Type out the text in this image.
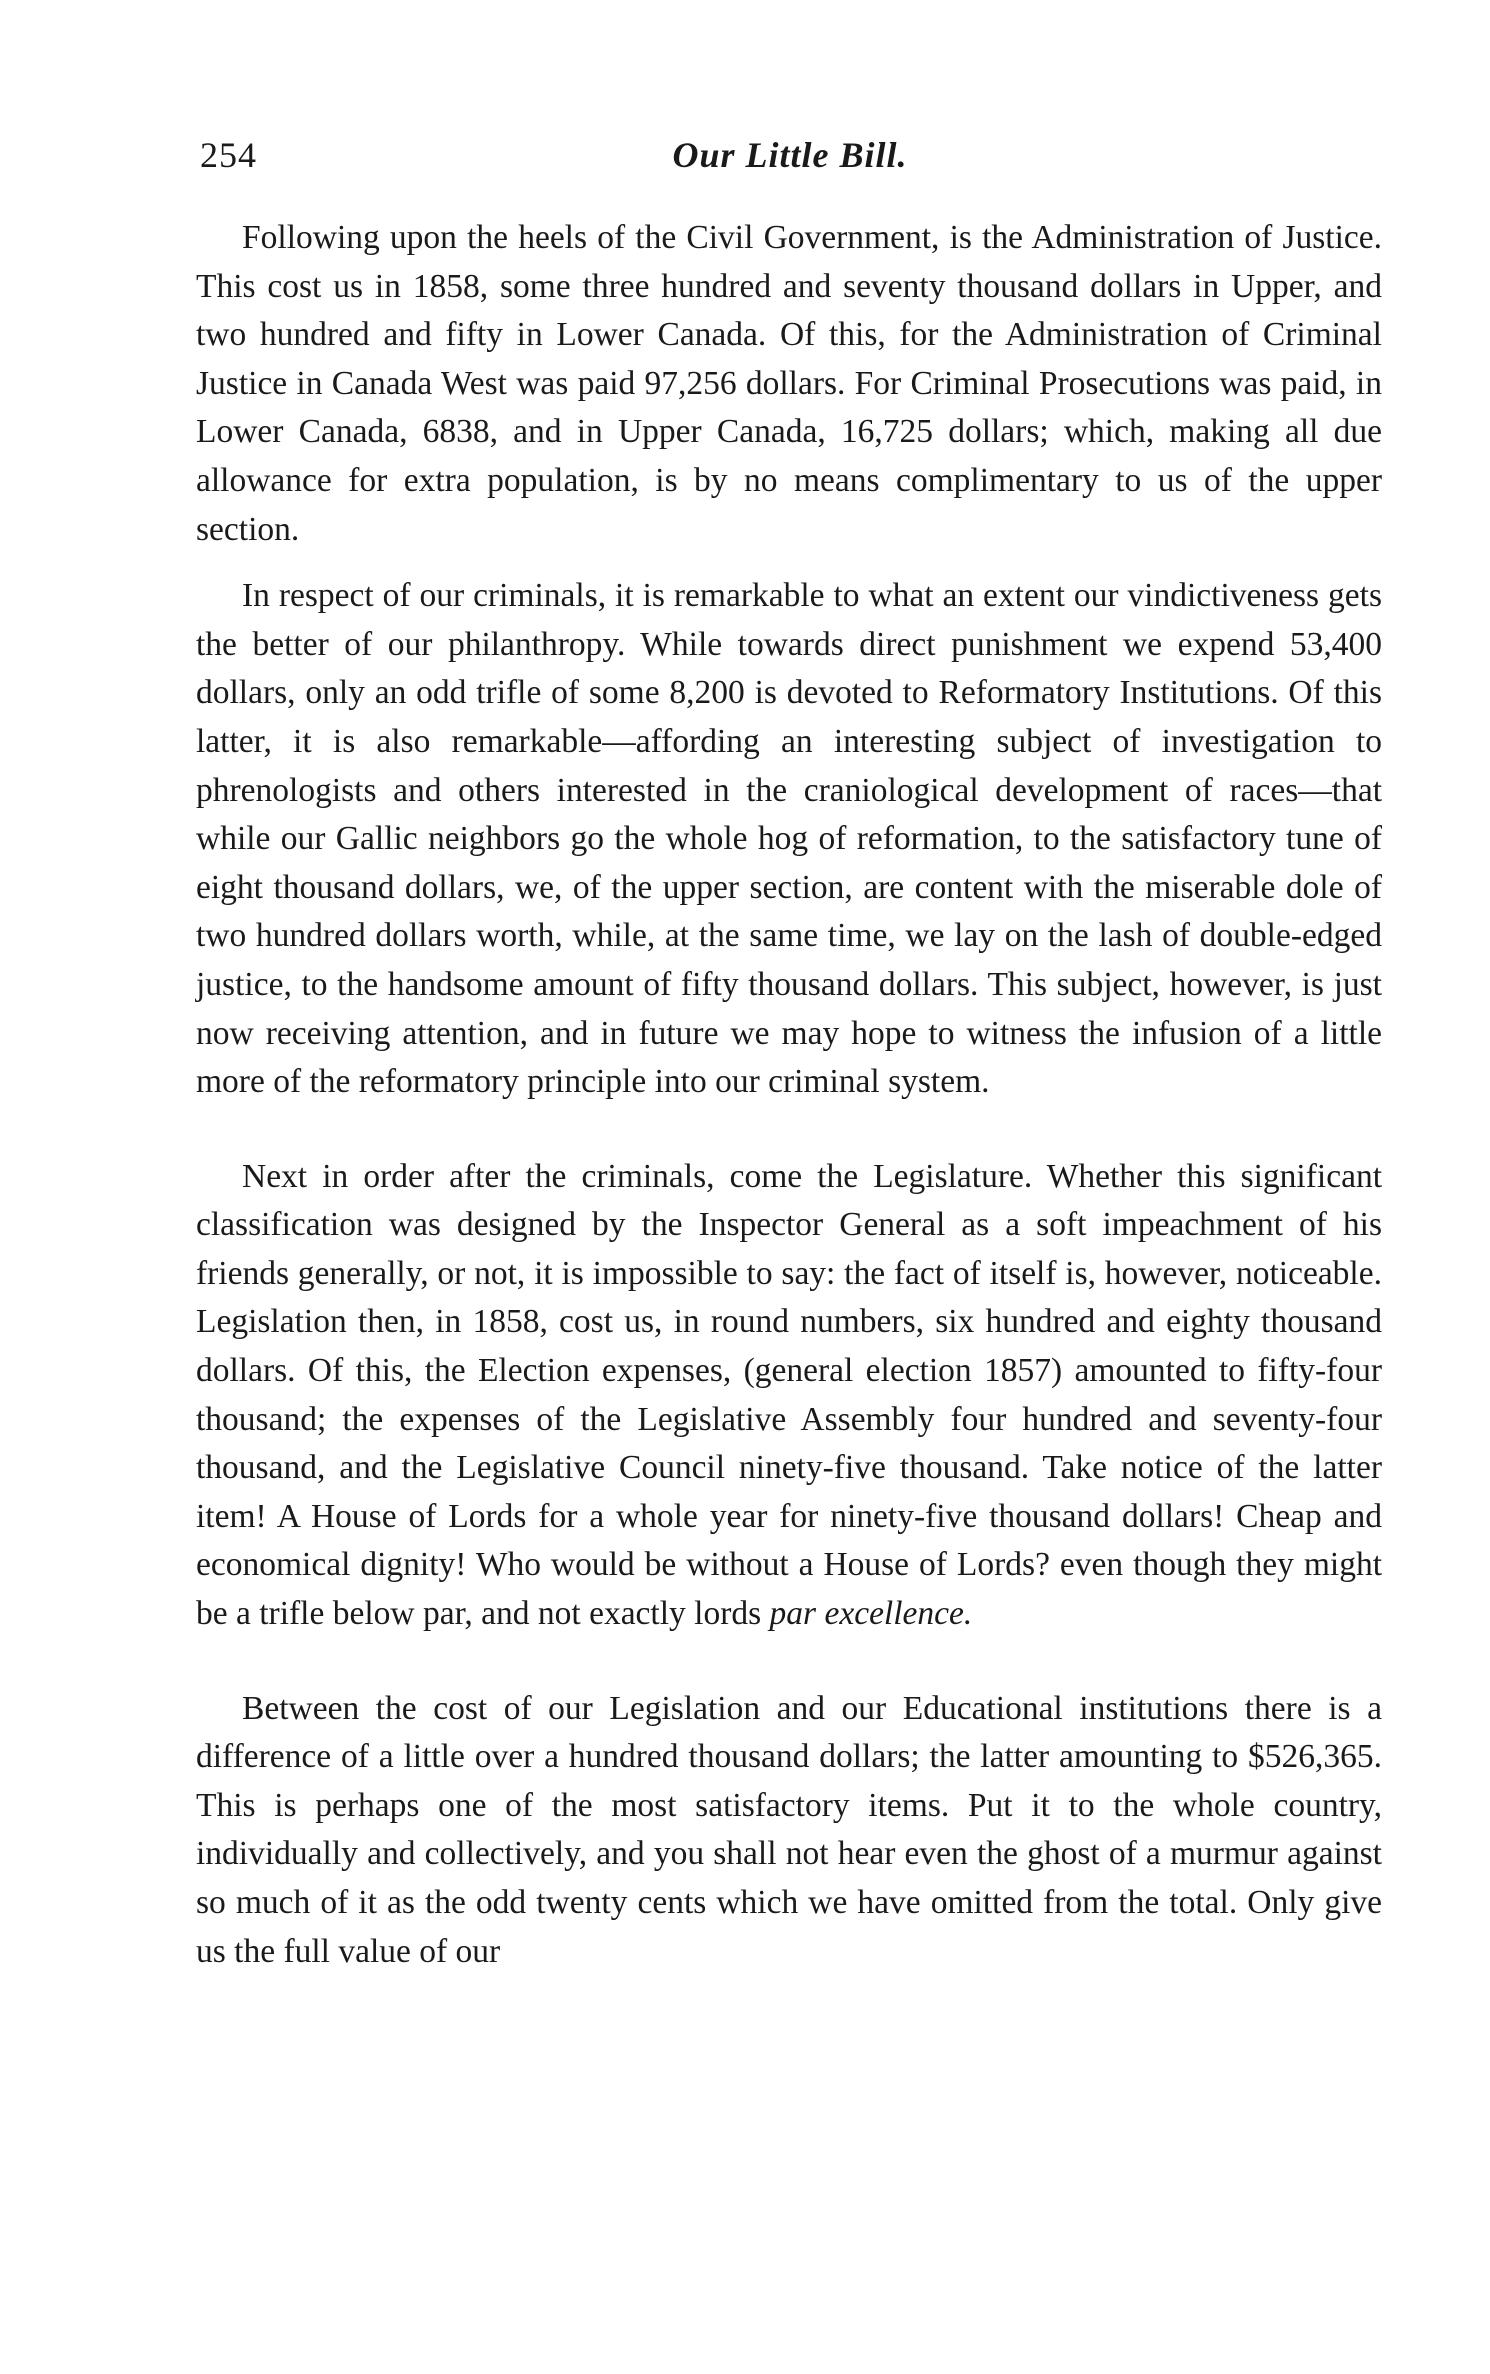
254	Our Little Bill.

Following upon the heels of the Civil Government, is the Administration of Justice. This cost us in 1858, some three hundred and seventy thousand dollars in Upper, and two hundred and fifty in Lower Canada. Of this, for the Administration of Criminal Justice in Canada West was paid 97,256 dollars. For Criminal Prosecutions was paid, in Lower Canada, 6838, and in Upper Canada, 16,725 dollars; which, making all due allowance for extra population, is by no means complimentary to us of the upper section.

In respect of our criminals, it is remarkable to what an extent our vindictiveness gets the better of our philanthropy. While towards direct punishment we expend 53,400 dollars, only an odd trifle of some 8,200 is devoted to Reformatory Institutions. Of this latter, it is also remarkable—affording an interesting subject of investigation to phrenologists and others interested in the craniological development of races—that while our Gallic neighbors go the whole hog of reformation, to the satisfactory tune of eight thousand dollars, we, of the upper section, are content with the miserable dole of two hundred dollars worth, while, at the same time, we lay on the lash of double-edged justice, to the handsome amount of fifty thousand dollars. This subject, however, is just now receiving attention, and in future we may hope to witness the infusion of a little more of the reformatory principle into our criminal system.

Next in order after the criminals, come the Legislature. Whether this significant classification was designed by the Inspector General as a soft impeachment of his friends generally, or not, it is impossible to say: the fact of itself is, however, noticeable. Legislation then, in 1858, cost us, in round numbers, six hundred and eighty thousand dollars. Of this, the Election expenses, (general election 1857) amounted to fifty-four thousand; the expenses of the Legislative Assembly four hundred and seventy-four thousand, and the Legislative Council ninety-five thousand. Take notice of the latter item! A House of Lords for a whole year for ninety-five thousand dollars! Cheap and economical dignity! Who would be without a House of Lords? even though they might be a trifle below par, and not exactly lords par excellence.

Between the cost of our Legislation and our Educational institutions there is a difference of a little over a hundred thousand dollars; the latter amounting to $526,365. This is perhaps one of the most satisfactory items. Put it to the whole country, individually and collectively, and you shall not hear even the ghost of a murmur against so much of it as the odd twenty cents which we have omitted from the total. Only give us the full value of our
